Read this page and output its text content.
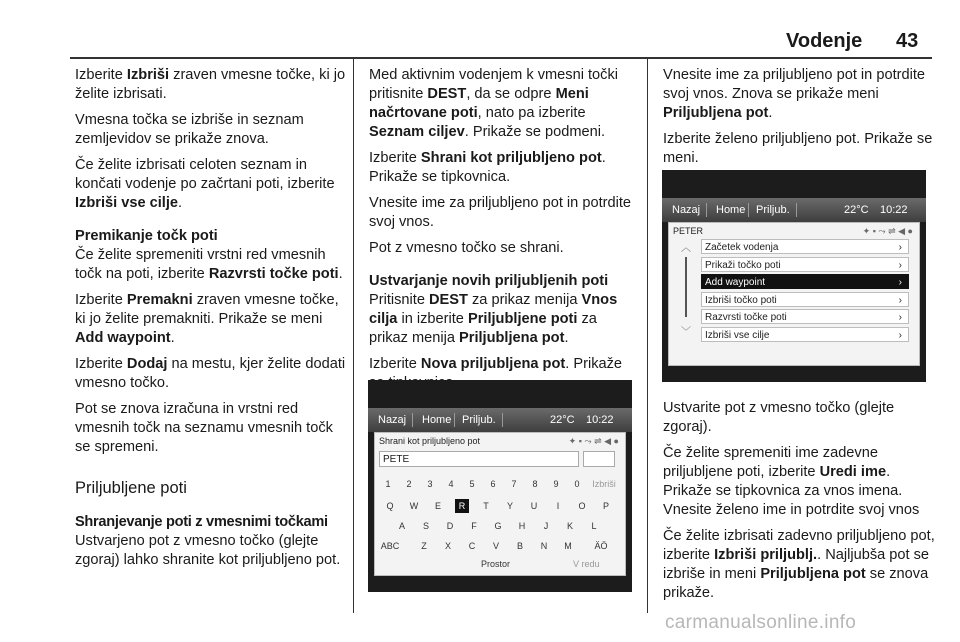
Vodenje 43

Izberite Izbriši zraven vmesne točke, ki jo želite izbrisati.

Vmesna točka se izbriše in seznam zemljevidov se prikaže znova.

Če želite izbrisati celoten seznam in končati vodenje po začrtani poti, izberite Izbriši vse cilje.

Premikanje točk poti

Če želite spremeniti vrstni red vmesnih točk na poti, izberite Razvrsti točke poti.

Izberite Premakni zraven vmesne točke, ki jo želite premakniti. Prikaže se meni Add waypoint.

Izberite Dodaj na mestu, kjer želite dodati vmesno točko.

Pot se znova izračuna in vrstni red vmesnih točk na seznamu vmesnih točk se spremeni.

Priljubljene poti

Shranjevanje poti z vmesnimi točkami

Ustvarjeno pot z vmesno točko (glejte zgoraj) lahko shranite kot priljubljeno pot.

Med aktivnim vodenjem k vmesni točki pritisnite DEST, da se odpre Meni načrtovane poti, nato pa izberite Seznam ciljev. Prikaže se podmeni.

Izberite Shrani kot priljubljeno pot. Prikaže se tipkovnica.

Vnesite ime za priljubljeno pot in potrdite svoj vnos.

Pot z vmesno točko se shrani.

Ustvarjanje novih priljubljenih poti

Pritisnite DEST za prikaz menija Vnos cilja in izberite Priljubljene poti za prikaz menija Priljubljena pot.

Izberite Nova priljubljena pot. Prikaže

Nazaj Home Priljub.	22°C 10:22
Shrani kot priljubljeno pot	✦ ▪ ⤳ ⇌ ◀ ●
PETE
1	2	3	4	5	6	7	8	9	0	Izbriši
Q	W	E	R	T	Y	U	I	O	P
A	S	D	F	G	H	J	K	L
ABC	Z	X	C	V	B	N	M	ÄÖ
Prostor	V redu

Vnesite ime za priljubljeno pot in potrdite svoj vnos. Znova se prikaže meni Priljubljena pot.

Izberite želeno priljubljeno pot. Prikaže se meni.

Nazaj Home Priljub.	22°C 10:22
PETER	✦ ▪ ⤳ ⇌ ◀ ●
︿
﹀
Začetek vodenja	›
Prikaži točko poti	›
Add waypoint	›
Izbriši točko poti	›
Razvrsti točke poti	›
Izbriši vse cilje	›

Ustvarite pot z vmesno točko (glejte zgoraj).

Če želite spremeniti ime zadevne priljubljene poti, izberite Uredi ime. Prikaže se tipkovnica za vnos imena. Vnesite želeno ime in potrdite svoj vnos

Če želite izbrisati zadevno priljubljeno pot, izberite Izbriši priljublj.. Najljubša pot se izbriše in meni Priljubljena pot se znova prikaže.

carmanualsonline.info
